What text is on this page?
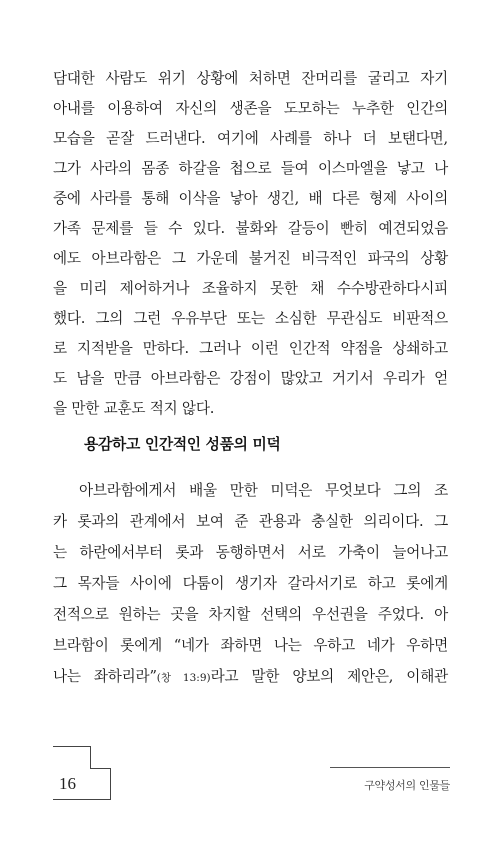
담대한 사람도 위기 상황에 처하면 잔머리를 굴리고 자기
아내를 이용하여 자신의 생존을 도모하는 누추한 인간의
모습을 곧잘 드러낸다. 여기에 사례를 하나 더 보탠다면,
그가 사라의 몸종 하갈을 첩으로 들여 이스마엘을 낳고 나
중에 사라를 통해 이삭을 낳아 생긴, 배 다른 형제 사이의
가족 문제를 들 수 있다. 불화와 갈등이 빤히 예견되었음
에도 아브라함은 그 가운데 불거진 비극적인 파국의 상황
을 미리 제어하거나 조율하지 못한 채 수수방관하다시피
했다. 그의 그런 우유부단 또는 소심한 무관심도 비판적으
로 지적받을 만하다. 그러나 이런 인간적 약점을 상쇄하고
도 남을 만큼 아브라함은 강점이 많았고 거기서 우리가 얻
을 만한 교훈도 적지 않다.
용감하고 인간적인 성품의 미덕
아브라함에게서 배울 만한 미덕은 무엇보다 그의 조
카 롯과의 관계에서 보여 준 관용과 충실한 의리이다. 그
는 하란에서부터 롯과 동행하면서 서로 가축이 늘어나고
그 목자들 사이에 다툼이 생기자 갈라서기로 하고 롯에게
전적으로 원하는 곳을 차지할 선택의 우선권을 주었다. 아
브라함이 롯에게 “네가 좌하면 나는 우하고 네가 우하면
나는 좌하리라”(창 13:9)라고 말한 양보의 제안은, 이해관
16	구약성서의 인물들
